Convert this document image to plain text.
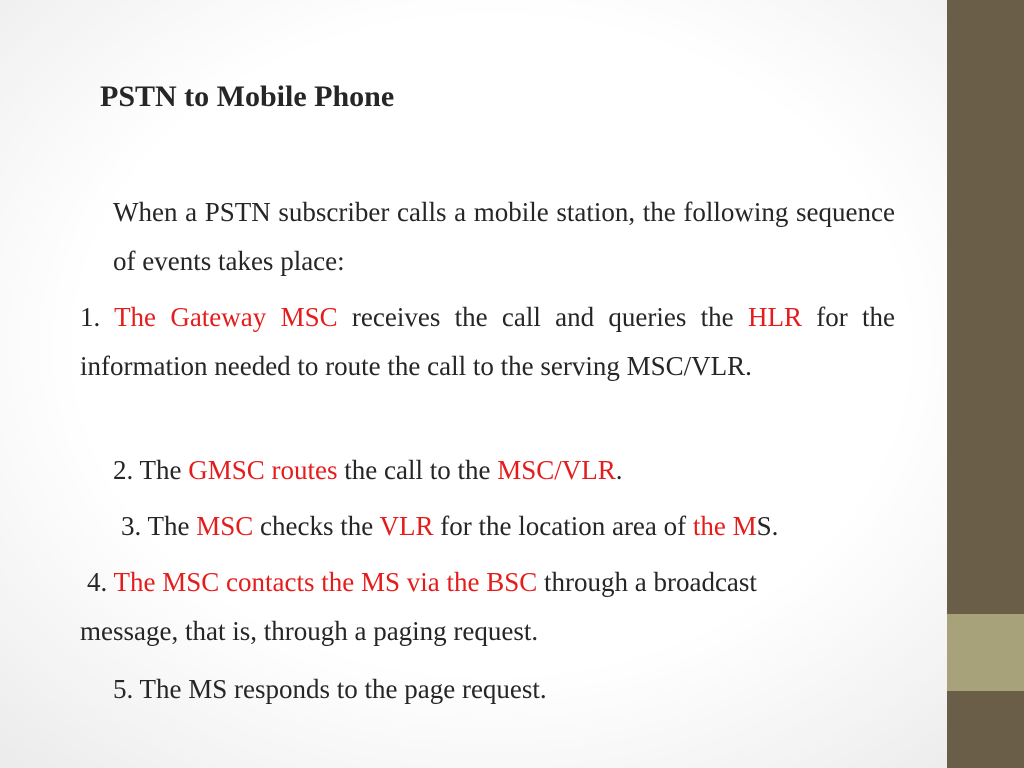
PSTN to Mobile Phone

When a PSTN subscriber calls a mobile station, the following sequence of events takes place:

1. The Gateway MSC receives the call and queries the HLR for the information needed to route the call to the serving MSC/VLR.

2. The GMSC routes the call to the MSC/VLR.

3. The MSC checks the VLR for the location area of the MS.

4. The MSC contacts the MS via the BSC through a broadcast
message, that is, through a paging request.

5. The MS responds to the page request.
